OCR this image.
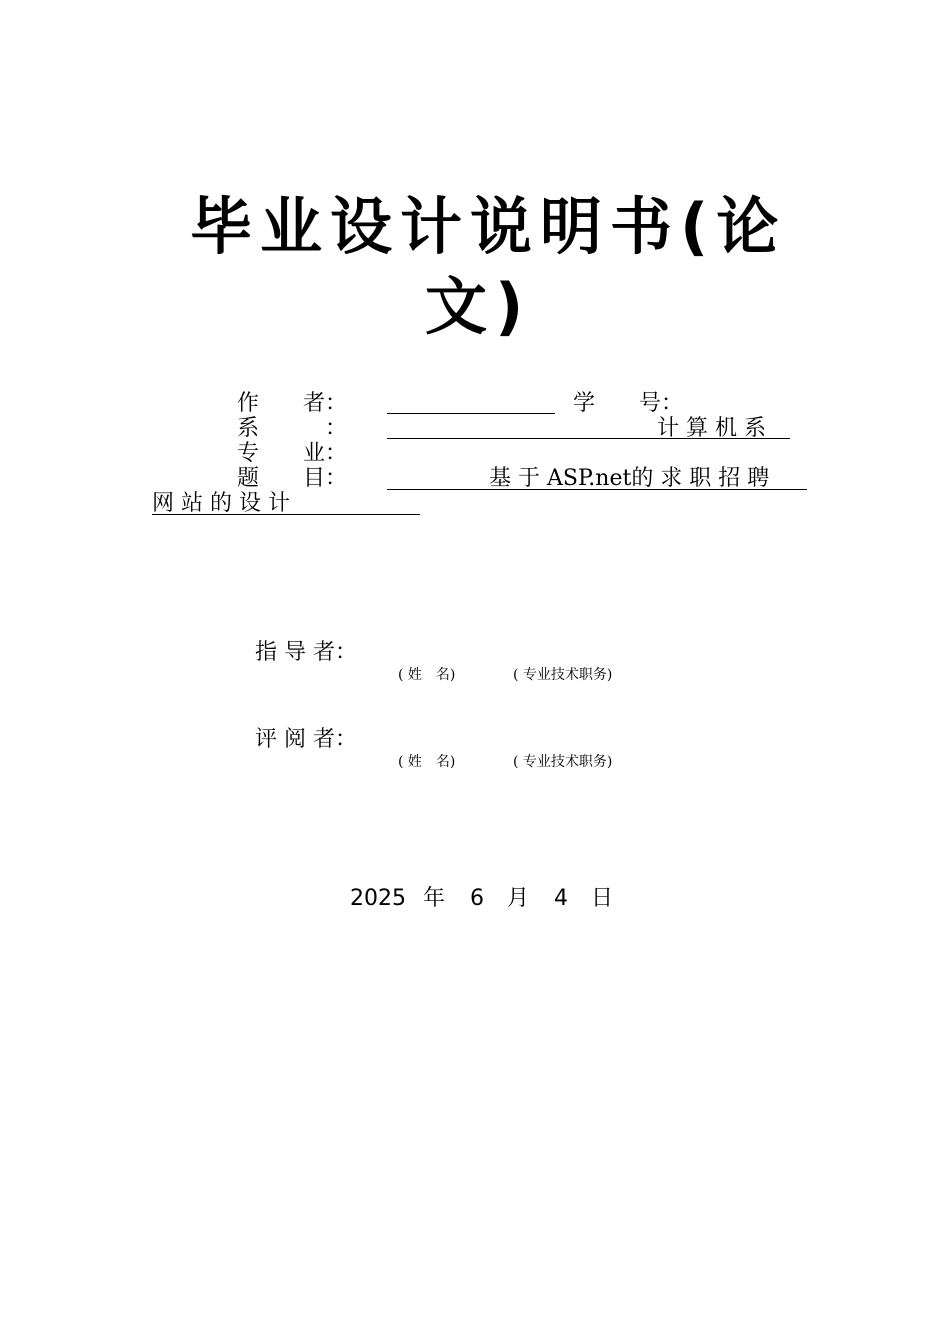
毕业设计说明书(论
文)
作　　者：	学　　号：
系　　　：	计 算 机 系
专　　业：
题　　目：	基 于 ASP.net的 求 职 招 聘
网 站 的 设 计
指 导 者：
( 姓　名)	( 专业技术职务)
评 阅 者：
( 姓　名)	( 专业技术职务)
2025 年 6 月 4 日
